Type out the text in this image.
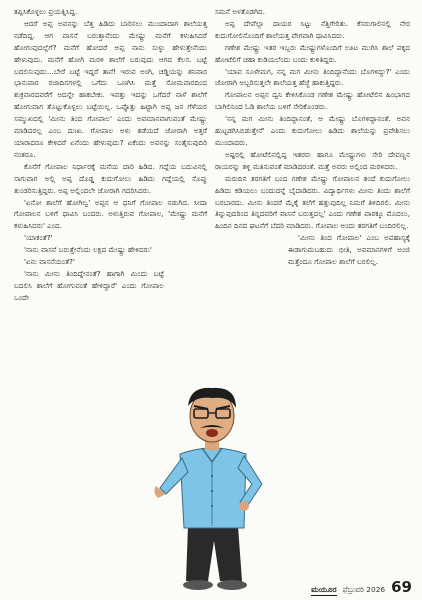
ತಪ್ಪಿಸಿಕೊಳ್ಳಲು ಪ್ರಯತ್ನಿಸಿದ್ದ.

ಆದರೆ ಅಪ್ಪ ಅವನನ್ನು ಬೆತ್ತ ಹಿಡಿದು ಬಾರಿಸಲು ಮುಂದಾದಾಗ ಶಾಲೆಯತ್ತ ನಡೆದಿದ್ದ. ಆಗ ವಾಸನೆ ಬರುತ್ತಾನೆಂದು ಮೇಷ್ಟ್ರು ಮನೆಗೆ ಕಳುಹಿಸಿದರೆ ಹೋಗುವುದಲ್ಲೆಗೆ? ಮನೆಗೆ ಹೋದರೆ ಅಪ್ಪ ನಾನು ಸುಳ್ಳು ಹೇಳುತ್ತೇನೆಂದು ಹೇಳುವುದು. ಮನೆಗೆ ಹೋಗಿ ಮರಳಿ ಶಾಲೆಗೆ ಬರುವುದು ಆಗದ ಕೆಲಸ. ಬಟ್ಟೆ ಬದಲಿಸುವುದು...ಬೇರೆ ಬಟ್ಟೆ ಇದ್ದರೆ ತಾನೆ! ಇರುವ ಅಂಗಿ, ಚಡ್ಡಿಯನ್ನು ಶನಿವಾರ ಭಾನುವಾರ ರಜಾದಿನಗಳಲ್ಲಿ ಒಗೆದು ಒಣಗಿಸಿ ಮತ್ತೆ ಸೋಮವಾರದಿಂದ ಶುಕ್ರವಾರದವರೆಗೆ ಅದನ್ನೇ ಹಾಕಬೇಕು. ಇವತ್ತು ಇದನ್ನು ಒಗೆದರೆ ನಾಳೆ ಶಾಲೆಗೆ ಹೋಗುವಾಗ ತೊಟ್ಟುಕೊಳ್ಳಲು ಬಟ್ಟೆಯಿಲ್ಲ. ಒಪ್ಪೊತ್ತು ಹಿಟ್ಟಾಗಿ ಅಪ್ಪ ಜನ ಗೆಳೆಯರ ಸಮ್ಮುಖದಲ್ಲಿ 'ಮೀನು ತಿಂದ ಗೋಪಾಲ' ಎಂದು ಅವಮಾನವಾಗುವಂತೆ ಮೇಷ್ಟ್ರು ಮಾಡಿದರಲ್ಲ ಎಂಬ ದುಃಖ. ಗೋಪಾಲ ಅಳು ತಡೆಯದೆ ಜೋರಾಗಿ ಅತ್ತರೆ ಯಾರಾದರೂ ಕೇಳಿದರೆ ಏನೆಂದು ಹೇಳುವುದು? ಏಕೆಂದು ಅವನನ್ನು ಸಂತೈಸುವುದಿರಿ ನಂತರೂ.

ಕೊನೆಗೆ ಗೋಪಾಲ ನಿರ್ಧಾರಕ್ಕೆ ಮನೆಯ ದಾರಿ ಹಿಡಿದ. ಗದ್ದೆಯ ಬದುವಿನಲ್ಲಿ ಸಾಗುವಾಗ ಅಲ್ಲಿ ಅಪ್ಪ ದೊಡ್ಡ ಕುದುಗೋಲು ಹಿಡಿದು ಗದ್ದೆಯಲ್ಲಿ ಸೊಪ್ಪು ತುಂಡರಿಸುತ್ತಿದ್ದರು. ಅಪ್ಪ ಅಲ್ಲಿಂದಲೇ ಜೋರಾಗಿ ಗದರಿಸಿದರು.

'ಏನೋ ಶಾಲೆಗೆ ಹೋಗಿಲ್ವ' ಅಪ್ಪನ ಆ ಧನಿಗೆ ಗೋಪಾಲ ನಡುಗಿದ. ಸೀದಾ ಗೋಪಾಲನ ಬಳಿಗೆ ಧಾವಿಸಿ ಬಂದರು. ಅಳುತ್ತಿರುವ ಗೋಪಾಲ, 'ಮೇಷ್ಟ್ರು ಮನೆಗೆ ಕಳುಹಿಸಿದರು' ಎಂದ.

'ಯಾಕಂತೆ?'

'ನಾನು ವಾಸನೆ ಬರುತ್ತೇನೆಂದು ಲಕ್ಷದ ಮೇಷ್ಟ್ರು ಹೇಳಿದರು'

'ಏನು ವಾಸನೆಯಂತೆ?'

'ನಾನು ಮೀನು ತಿಂದಿದ್ದೇನಂತೆ? ಹಾಗಾಗಿ ಮಿಂದು ಬಟ್ಟೆ ಬದಲಿಸಿ ಶಾಲೆಗೆ ಹೋಗುವಂತೆ ಹೇಳಿದ್ದಾರೆ' ಎಂದು ಗೋಪಾಲ ಒಂದೇ

ಸಮನೆ ಅಳತೊಡಗಿದ.

ಅಪ್ಪ ದೇವೆಲ್ಲಾ ದಾಯರ ಸಿಟ್ಟು ನೆತ್ತಿಗೇರಿತು. ಕೆಸರುಗಾಲಿನಲ್ಲಿ ನೇರ ಕುದುಗೋಲಿನೊಂದಿಗೆ ಶಾಲೆಯತ್ತ ವೇಗವಾಗಿ ಧಾವಿಸಿದರು.

ಗಣೇಶ ಮೇಷ್ಟ್ರು ಇತರ ಇಬ್ಬರು ಮೇಷ್ಟ್ರುಗಳೊಂದಿಗೆ ಊಟ ಮುಗಿಸಿ ಶಾಲೆ ಪಕ್ಕದ ಹೋಟೆಲಿಗೆ ಚಹಾ ಕುಡಿಯಲೆಂದು ಬಂದು ಕುಳಿತಿದ್ದರು.

'ಯಾವ ಸೂಳೇಮಗ, ನನ್ನ ಮಗ ಮೀನು ತಿಂದಿದ್ದಾನೆಂದು ಬೊಗಳಿದ್ದು?' ಎಂದು ಜೋರಾಗಿ ಅಬ್ಬರಿಸುತ್ತಲೇ ಶಾಲೆಯತ್ತ ಹೆಜ್ಜೆ ಹಾಕುತ್ತಿದ್ದರು.

ಗೋಪಾಲನ ಅಪ್ಪನ ದ್ವನಿ ಕೇಳಿಸಿಕೊಂಡ ಗಣೇಶ ಮೇಷ್ಟ್ರು ಹೋಟೆಲಿನ ಹಿಂಭಾಗದ ಬಾಗಿಲಿನಿಂದ ಓಡಿ ಶಾಲೆಯ ಬಳಿಗೆ ಸೇರಿಕೊಂಡರು.

'ನನ್ನ ಮಗ ಮೀನು ತಿಂದಿದ್ದಾನಂತೆ, ಆ ಮೇಷ್ಟ್ರು ಬೊಗಳಿದ್ದಾನಂತೆ. ಅವನ ಹುಟ್ಟಡಗಿಸಿಬಿಡುತ್ತೇನೆ' ಎಂದು ಕುದುಗೋಲು ಹಿಡಿದು ಶಾಲೆಯನ್ನು ಪ್ರವೇಶಿಸಲು ಮುಂದಾದರು.

ಅಷ್ಟರಲ್ಲಿ ಹೋಟೆಲಿನಲ್ಲಿದ್ದ ಇತರರು ಹಾಗೂ ಮೇಷ್ಟ್ರುಗಳು ಸೇರಿ ದೇವಣ್ಣನ ರಾಯರನ್ನು ತಳ್ಳಿ ಮತಿಸುವಂತೆ ಮಾಡಿದರಂತೆ. ಮತ್ತೆ ಅವರು ಅಲ್ಲಿಂದ ಮರಳಿದರು.

ಮರುದಿನ ತರಗತಿಗೆ ಬಂದ ಗಣೇಶ ಮೇಷ್ಟ್ರು ಗೋಪಾಲನ ತಂದೆ ಕುದುಗೋಲು ಹಿಡಿದು ಕಡಿಯಲು ಬಂದುದನ್ನೆ ಬೈದಾಡಿದರು. ವಿದ್ಯಾರ್ಥಿಗಳು ಮೀನು ತಿಂದು ಶಾಲೆಗೆ ಬರಬಾರದು. ಮೀನು ತಿಂದರೆ ಮೈಕೈ ತಲೆಗೆ ಹತ್ತುವುದಿಲ್ಲ ನಿಮಗೆ ತಿಳಿದಿರಲಿ. ಮೀನು ತಿನ್ನುವುದರಿಂದ ತಿನ್ನದವರಿಗೆ ವಾಸನೆ ಬರುತ್ತದಲ್ಲ' ಎಂದು ಗಣೇಶ ಪಾಠಕ್ಕೂ ಮೊದಲು, ಹಿಂದಿನ ದಿನದ ಘಟನೆಗೆ ಬೆದರಿ ಮಾಡಿದರು. ಗೋಪಾಲ ಅಂದು ತರಗತಿಗೆ ಬಂದಿರಲಿಲ್ಲ.

'ಮೀನು ತಿಂದ ಗೋಪಾಲ' ಎಂಬ ಅಪಹಾಸ್ಯಕ್ಕೆ ಈಡಾಗುಮಬಹುದು ಭೀತಿ, ಅವಮಾನಗಳಿಗೆ ಅಂಜಿ ಮತ್ತೆಂದೂ ಗೋಪಾಲ ಶಾಲೆಗೆ ಬರಲಿಲ್ಲ.

ಮಯೂರ ಫೆಬ್ರುವರಿ 2026 69
